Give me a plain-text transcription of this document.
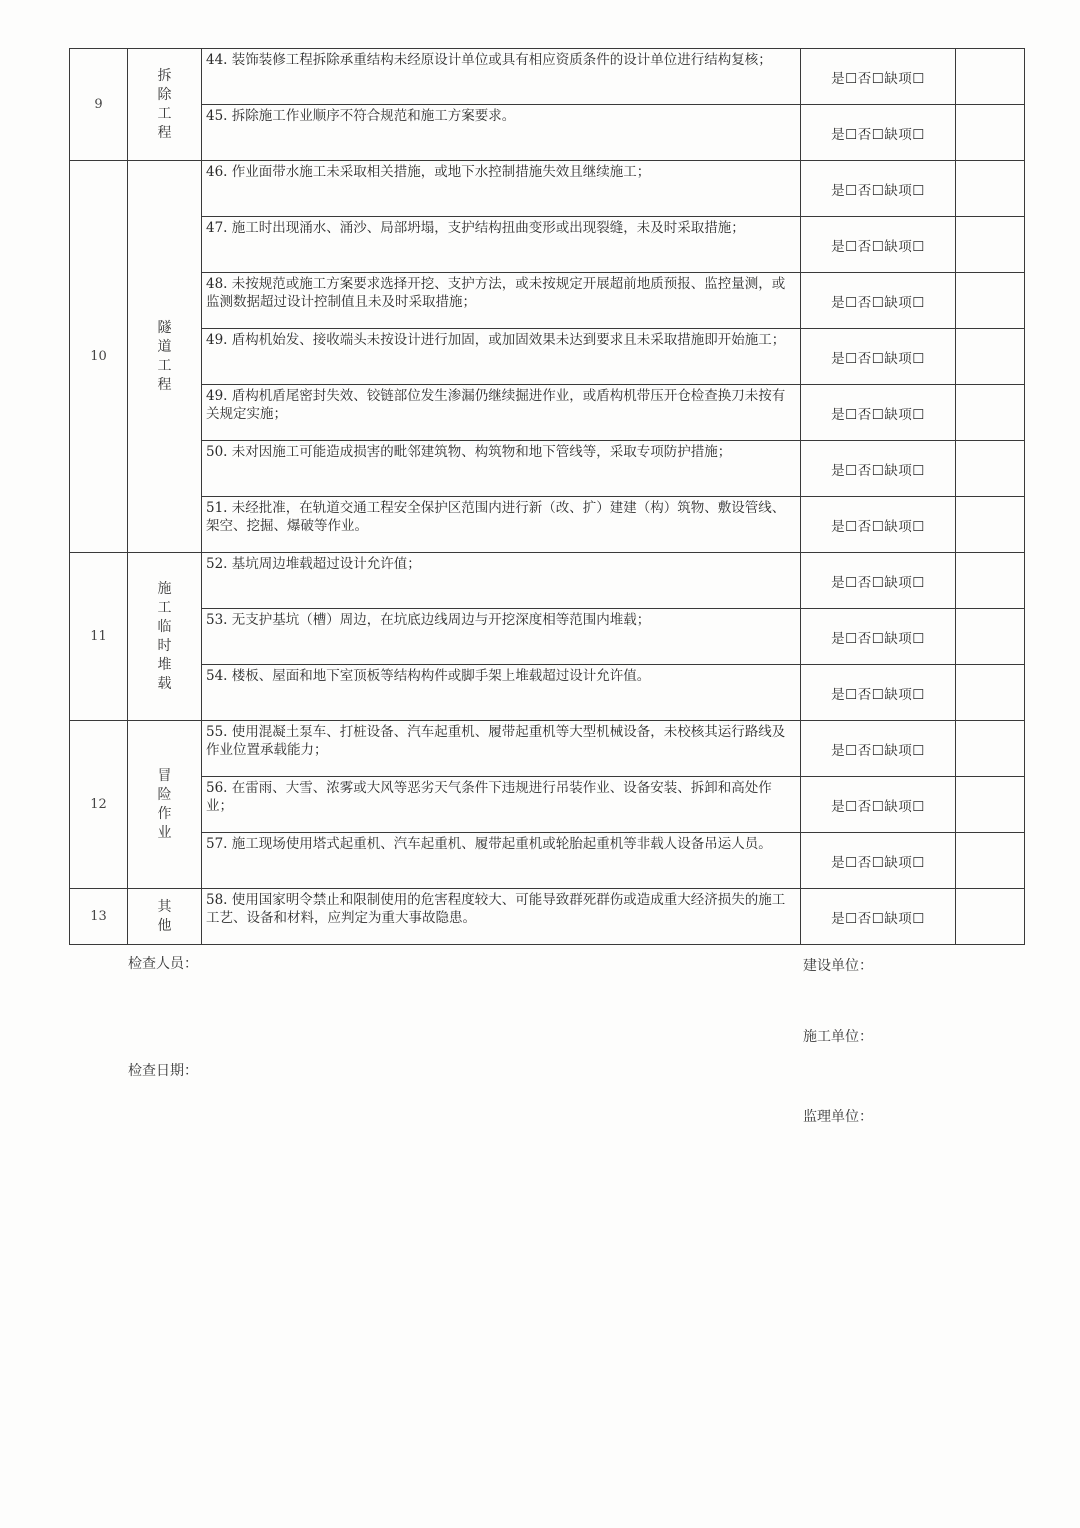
9	拆除工程	44. 装饰装修工程拆除承重结构未经原设计单位或具有相应资质条件的设计单位进行结构复核；	是☐否☐缺项☐	
		45. 拆除施工作业顺序不符合规范和施工方案要求。	是☐否☐缺项☐	
10	隧道工程	46. 作业面带水施工未采取相关措施，或地下水控制措施失效且继续施工；	是☐否☐缺项☐	
		47. 施工时出现涌水、涌沙、局部坍塌，支护结构扭曲变形或出现裂缝，未及时采取措施；	是☐否☐缺项☐	
		48. 未按规范或施工方案要求选择开挖、支护方法，或未按规定开展超前地质预报、监控量测，或监测数据超过设计控制值且未及时采取措施；	是☐否☐缺项☐	
		49. 盾构机始发、接收端头未按设计进行加固，或加固效果未达到要求且未采取措施即开始施工；	是☐否☐缺项☐	
		49. 盾构机盾尾密封失效、铰链部位发生渗漏仍继续掘进作业，或盾构机带压开仓检查换刀未按有关规定实施；	是☐否☐缺项☐	
		50. 未对因施工可能造成损害的毗邻建筑物、构筑物和地下管线等，采取专项防护措施；	是☐否☐缺项☐	
		51. 未经批准，在轨道交通工程安全保护区范围内进行新（改、扩）建建（构）筑物、敷设管线、架空、挖掘、爆破等作业。	是☐否☐缺项☐	
11	施工临时堆载	52. 基坑周边堆载超过设计允许值；	是☐否☐缺项☐	
		53. 无支护基坑（槽）周边，在坑底边线周边与开挖深度相等范围内堆载；	是☐否☐缺项☐	
		54. 楼板、屋面和地下室顶板等结构构件或脚手架上堆载超过设计允许值。	是☐否☐缺项☐	
12	冒险作业	55. 使用混凝土泵车、打桩设备、汽车起重机、履带起重机等大型机械设备，未校核其运行路线及作业位置承载能力；	是☐否☐缺项☐	
		56. 在雷雨、大雪、浓雾或大风等恶劣天气条件下违规进行吊装作业、设备安装、拆卸和高处作业；	是☐否☐缺项☐	
		57. 施工现场使用塔式起重机、汽车起重机、履带起重机或轮胎起重机等非载人设备吊运人员。	是☐否☐缺项☐	
13	其他	58. 使用国家明令禁止和限制使用的危害程度较大、可能导致群死群伤或造成重大经济损失的施工工艺、设备和材料，应判定为重大事故隐患。	是☐否☐缺项☐	
检查人员：
检查日期：
建设单位：
施工单位：
监理单位：
